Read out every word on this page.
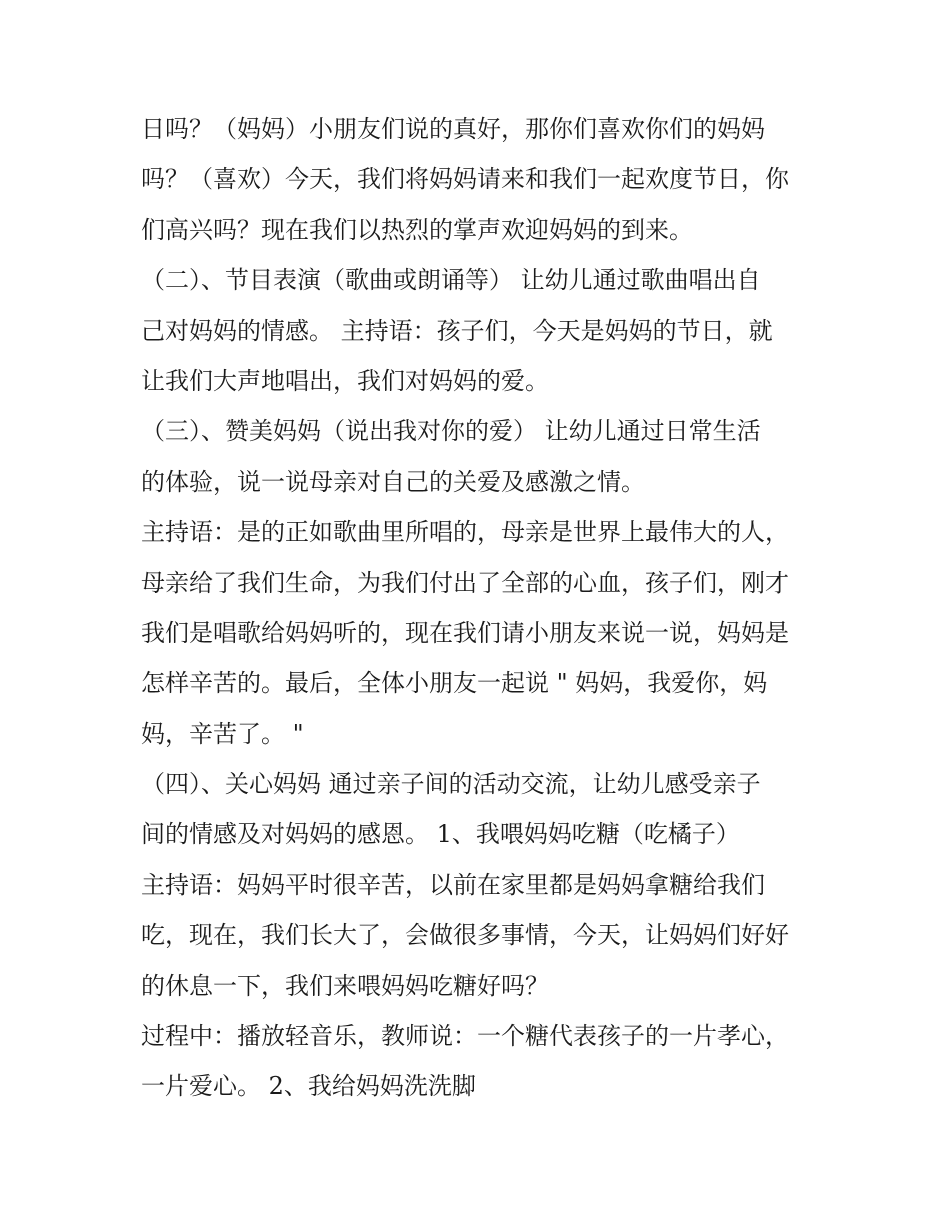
日吗？（妈妈）小朋友们说的真好，那你们喜欢你们的妈妈
吗？（喜欢）今天，我们将妈妈请来和我们一起欢度节日，你
们高兴吗？现在我们以热烈的掌声欢迎妈妈的到来。

（二）、节目表演（歌曲或朗诵等） 让幼儿通过歌曲唱出自
己对妈妈的情感。 主持语：孩子们，今天是妈妈的节日，就
让我们大声地唱出，我们对妈妈的爱。

（三）、赞美妈妈（说出我对你的爱） 让幼儿通过日常生活
的体验，说一说母亲对自己的关爱及感激之情。

主持语：是的正如歌曲里所唱的，母亲是世界上最伟大的人，
母亲给了我们生命，为我们付出了全部的心血，孩子们，刚才
我们是唱歌给妈妈听的，现在我们请小朋友来说一说，妈妈是
怎样辛苦的。最后，全体小朋友一起说 " 妈妈，我爱你，妈
妈，辛苦了。 "

（四）、关心妈妈 通过亲子间的活动交流，让幼儿感受亲子
间的情感及对妈妈的感恩。 1、我喂妈妈吃糖（吃橘子）

主持语：妈妈平时很辛苦，以前在家里都是妈妈拿糖给我们
吃，现在，我们长大了，会做很多事情，今天，让妈妈们好好
的休息一下，我们来喂妈妈吃糖好吗？

过程中：播放轻音乐，教师说：一个糖代表孩子的一片孝心，
一片爱心。 2、我给妈妈洗洗脚
